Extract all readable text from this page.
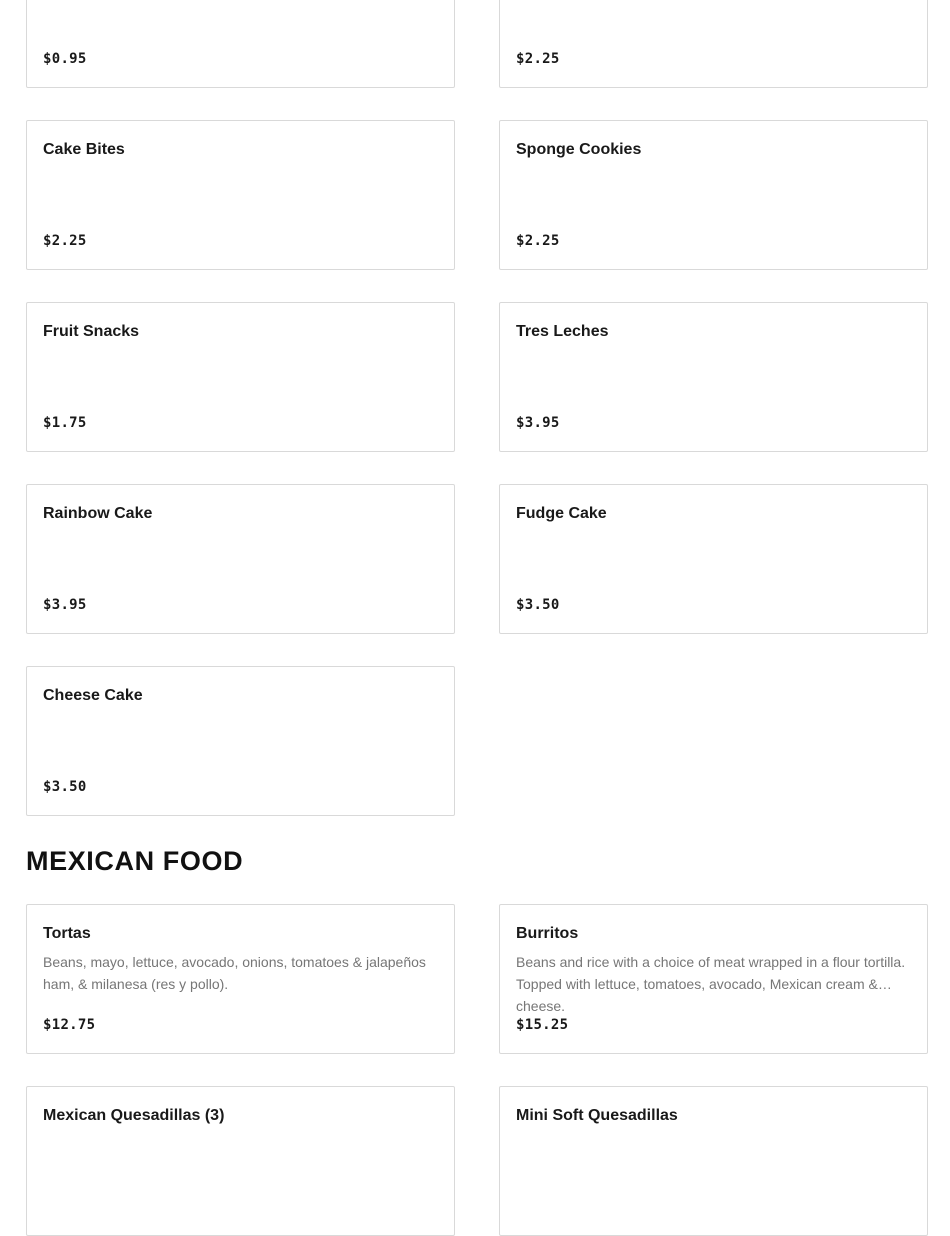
$0.95	$2.25
Cake Bites
$2.25
Sponge Cookies
$2.25
Fruit Snacks
$1.75
Tres Leches
$3.95
Rainbow Cake
$3.95
Fudge Cake
$3.50
Cheese Cake
$3.50
MEXICAN FOOD
Tortas
Beans, mayo, lettuce, avocado, onions, tomatoes & jalapeños ham, & milanesa (res y pollo).
$12.75
Burritos
Beans and rice with a choice of meat wrapped in a flour tortilla. Topped with lettuce, tomatoes, avocado, Mexican cream & cheese.
$15.25
Mexican Quesadillas (3)	Mini Soft Quesadillas
